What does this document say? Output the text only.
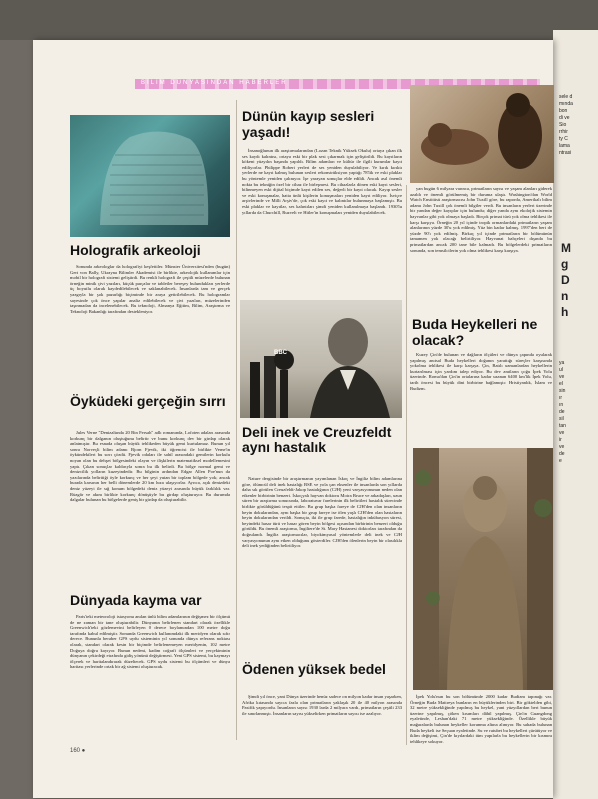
sele d
mında
bon
di ve
Sio
rrhir
ty C
lama
ntrasi
M
g
D
n
h
ya
ul
ve
el
sin
ır
ın
de
sil
tan
ve
ir
ve
de
e
BİLİM DÜNYASINDAN HABERLER
Holografik arkeoloji

Sonunda arkeologlar da holografiyi keşfettiler. Münster Üniversitesi'nden (bugün) Gert von Bally, Ukrayna Bilimler Akademisi ile birlikte, arkeolojik kullanımlar için mobil bir holografi sistemi geliştirdi. Bu renkli holografi ile çeşitli müzelerde bulunan örneğin minik çivi yazıları, küçük parçalar ve tabletler bereşey bulundukları yerlerde üç boyutlu olarak kaydedilebilecek ve saklanabilecek. İnsanlarda tam ve gerçek yazgıyla bir şok pazarlığı biçiminde bir araya getirilebilecek. Bu hologramlar sayesinde çok önce yapılar analiz edilebilecek ve çivi yazıları, müzelerinden taşınmadan da incelenebilecek. Bu teknoloji, Almanya Eğitim, Bilim, Araştırma ve Teknoloji Bakanlığı tarafından destekleniyor.

Öyküdeki gerçeğin sırrı

Jules Verne "Denizaltında 20 Bin Fersah" adlı romanında, Lofoten adaları arasında korkunç bir dalganın oluştuğunu belirtir ve bunu korkunç dev bir girdap olarak anlatmıştır. Bu esnada oluşan büyük tehlikeden büyük gemi kurtulamaz. Bunun yıl sonra Norveçli bilim adamı Bjorn Fjevik, iki öğrencisi ile birlikte Verne'in öykündekileri bu sırrı çözdü. Fjevik odaları ile sahil arasındaki gemilerin korkulu noyan olan bu dehşet bölgesindeki olayın ve ilişkilerin matematiksel modellemesini yaptı. Çıkan sonuçlar kaldırıyla sonra bu ilk belirdi. Bu bölge normal gemi ve denizcilik yolların kuzeyindedir. Bu bilginin ardından Edgar Allen Poe'nun da yazılarında belirttiği öyle korkunç ve her şeyi yutan bir toplam bölgede yok; ancak burada karsının her belli dönemlerde 20 km hıza ulaşıyorlar. Ayrıca, açık denizdeki deniz yüzeyi ile sığ konum bölgedeki deniz yüzeyi arasında büyük farklılık var. Rüzgâr ve akım birlikte korkunç dönüşüyle bu girdap oluşturuyor. Bu durumda dalgalar bulunan bu bölgelerde geniş bir girdap da oluşturabilir.

Dünyada kayma var

Paris'teki meteoroloji istasyonu anılan ünlü bilim adamlarının değişmez bir ölçümü de ne zaman bir tane oluşturabilir. Dünyanın belirlenen standart olarak özellikle Greenwich'teki gözlemevini belirleyen 0 derece boylamından 100 metre doğu tarafında kabul edilmiştir. Sonunda Greenwich kullanımdaki ilk meridyen olarak sıfır derece. Bununla beraber GPS uydu sisteminin yıl sonunda dünya referans noktası olarak, standart olarak kesin bir biçimde belirlenemeyen meridyenin, 102 metre Doğuya doğru kayıyor. Bunun nedeni, kadim coğrafi ölçümleri ve yerçekiminin dünyanın çekirdeği etrafında gidiş yönünü değiştirmesi. Yeni GPS sistemi, bu kaymayı ölçerek ve haritalandırarak düzeltecek. GPS uydu sistemi bu ölçümleri ve dünya haritası yerlerinde ortak bir ağ sistemi oluşturacak.

160 ●
Dünün kayıp sesleri yaşadı!

İnsanoğlunun ilk araştırmalarından (Lozan Teknik Yüksek Okulu) ortaya çıkan ilk ses kaydı kalıntısı, ortaya eski bir plak sesi çıkarmak için geliştirildi. Bu kayıtların kökeni yüzyılın başında yapıldı. Bilim adamları ve kültür ile ilgili kurumlar kayıt ediliyorlar. Philippe Robert yerleri de ses yeniden duyulabiliyor. Ve kırık kırıktı yerlerde ne kayıt kalmış bulunan sesleri rekonstrüksiyon yaptığı 78'lik ve eski plaklar bu yöntemle yeniden çalınıyor. İşe yarayan sonuçlar elde edildi. Ancak asıl önemli nokta bu tekniğin özel bir cihaz ile birleşmesi. Bu cihazlarla dönen eski kayıt sesleri, bilinmeyen eski dijital biçimde kayıt edilen ses, değerli bir kayıt olacak. Kayıp sesler ve eski konuşmalar, hatta ünlü kişilerin konuşmaları yeniden kayıt ediliyor. İsviçre arşivlerinde ve Milli Arşiv'de, çok eski kayıt ve kalıntılar bulunmaya başlamıştı. Bu eski plaklar ve kayıtlar, ses kalıntıları şimdi yeniden kullanılmaya başlandı. 1930'lu yıllarda da Churchill, Ruzvelt ve Hitler'in konuşmaları yeniden duyulabilecek.

BBC
Deli inek ve Creuzfeldt aynı hastalık

Nature dergisinde bir araştırmanın yayımlanan İskoç ve İngiliz bilim adamlarına göre, ölümcül deli inek hastalığı BSE ve yola çan eksenler ile insanlarda son yıllarda daha sık görülen Creuzfeldt-Jakop hastalığının (CJH) yeni varyasyonunun neden olan etkenler birbirinin benzeri. İskoçyalı hayvan doktoru Moira Bruce ve arkadaşları, uzun süren bir araştırma sonucunda, laboratuvar farelerinin ilk belirtileri hastalık sürecinde birlikte görüldüğünü tespit ettiler. Bu grup başka fareye de CJH'den olan insanların beyin dokularından, aynı başka bir grup fareye ise ölen yaşlı CJH'den olan hastaların beyin dokularından verildi. Sonuçta, iki ile grup farede, hastalığın inkübasyon süresi, beyindeki hasar türü ve hasar gören beyin bölgesi açısından birbirinin benzeri olduğu görüldü. Bu önemli araştırma, İngiltere'de St. Mary Hastanesi doktorları tarafından da doğrulandı. İngiliz araştırmacılar, biyokimyasal yöntemlerle deli inek ve CJH varyasyonunun aynı etken olduğunu gösterdiler. CJH'den ölenlerin beyin bir olasılıkla deli inek yediğinden belirtiliyor.

Ödenen yüksek bedel

Şimdi yıl önce, yani Dünya üzerinde henüz sadece on milyon kadar insan yaşarken, Afrika kıtasında sayıca fazla olan primatların yaklaşık 20 ile 40 milyon arasında Pasifik yapıyordu. İnsanların sayısı 1930 larda 2 milyara vardı, primatların çeşitli 233 ile sınırlanmıştı. İnsanların sayısı yükselirken primatların sayısı ise azalıyor.

yan bugün 6 milyara varınca, primatların sayısı ve yaşam alanları giderek azaldı ve önemli görülmemiş bir duruma ulaştı. Washington'dan World Watch Enstitüsü araştırmacısı John Tuxill göre, bu raporda, Amerikalı bilim adamı John Tuxill çok önemli bilgiler verdi. Bu insanların yerleri üzerinde bir yandan değer kayıplar için bulundu; diğer yanda aynı ekolojik sistemin hayvanlar gibi yok olmaya başladı. Birçok primat türü yok olma tehlikesi ile karşı karşıya. Örneğin 20 yıl içinde tropik ormanlardaki primatların yaşam alanlarının yüzde 30'u yok edilmiş. Yüz bin kadar kalmış. 1997'den beri de yüzde 90'ı yok edilmiş. Birkaç yıl içinde primatların bir bölümünün tamamen yok olacağı belirtiliyor. Hayvanat bahçeleri dışında bu primatlardan ancak 200 tane bile kalmadı. Bu bölgelerdeki primatların sonunda, son temsilcilerin yok olma tehlikesi karşı karşıya.

Buda Heykelleri ne olacak?

Kuzey Çin'de bulunan ve dağların ölçüleri ve dünya çapında oyularak yapılmış anıtsal Buda heykelleri doğanın yarattığı süreçler karşısında yokolma tehlikesi ile karşı karşıya. Çin, Batılı uzmanlardan heykellerin kurtarılması için yardım talep ediyor. Bu dev anıtların çoğu İpek Yolu üzerinde. Roma'dan Çin'in ortalarına kadar uzanan 6400 km'lik İpek Yolu, tarih öncesi bu büyük dini birbirine bağlamıştı: Hristiyanlık, İslam ve Budizm.

İpek Yolu'nun bu son bölümünde 2000 kadar Budizm tapınağı var. Örneğin Buda Maitreya bunların en büyüklerinden biri. Bir göktelden gibi, 32 metre yüksekliğinde yapılmış bu heykel, yani yüzyıllardan beri bunun üzerine yapılmış, çöken kısımları dâhil yapılmış. Çin'in Guangdong eyaletinde, Leshan'daki 71 metre yüksekliğinde. Özellikle büyük mağaralarda bulunan heykeller korunma altına alınıyor. Bu sahada bulunan Buda heykeli ise Seçuan eyaletinde. Su ve rutubet bu heykelleri çürütüyor ve iklim değişimi, Çin'de kıyılardaki tüm yapılarla bu heykellerin bir kısmını tehlikeye sokuyor.
